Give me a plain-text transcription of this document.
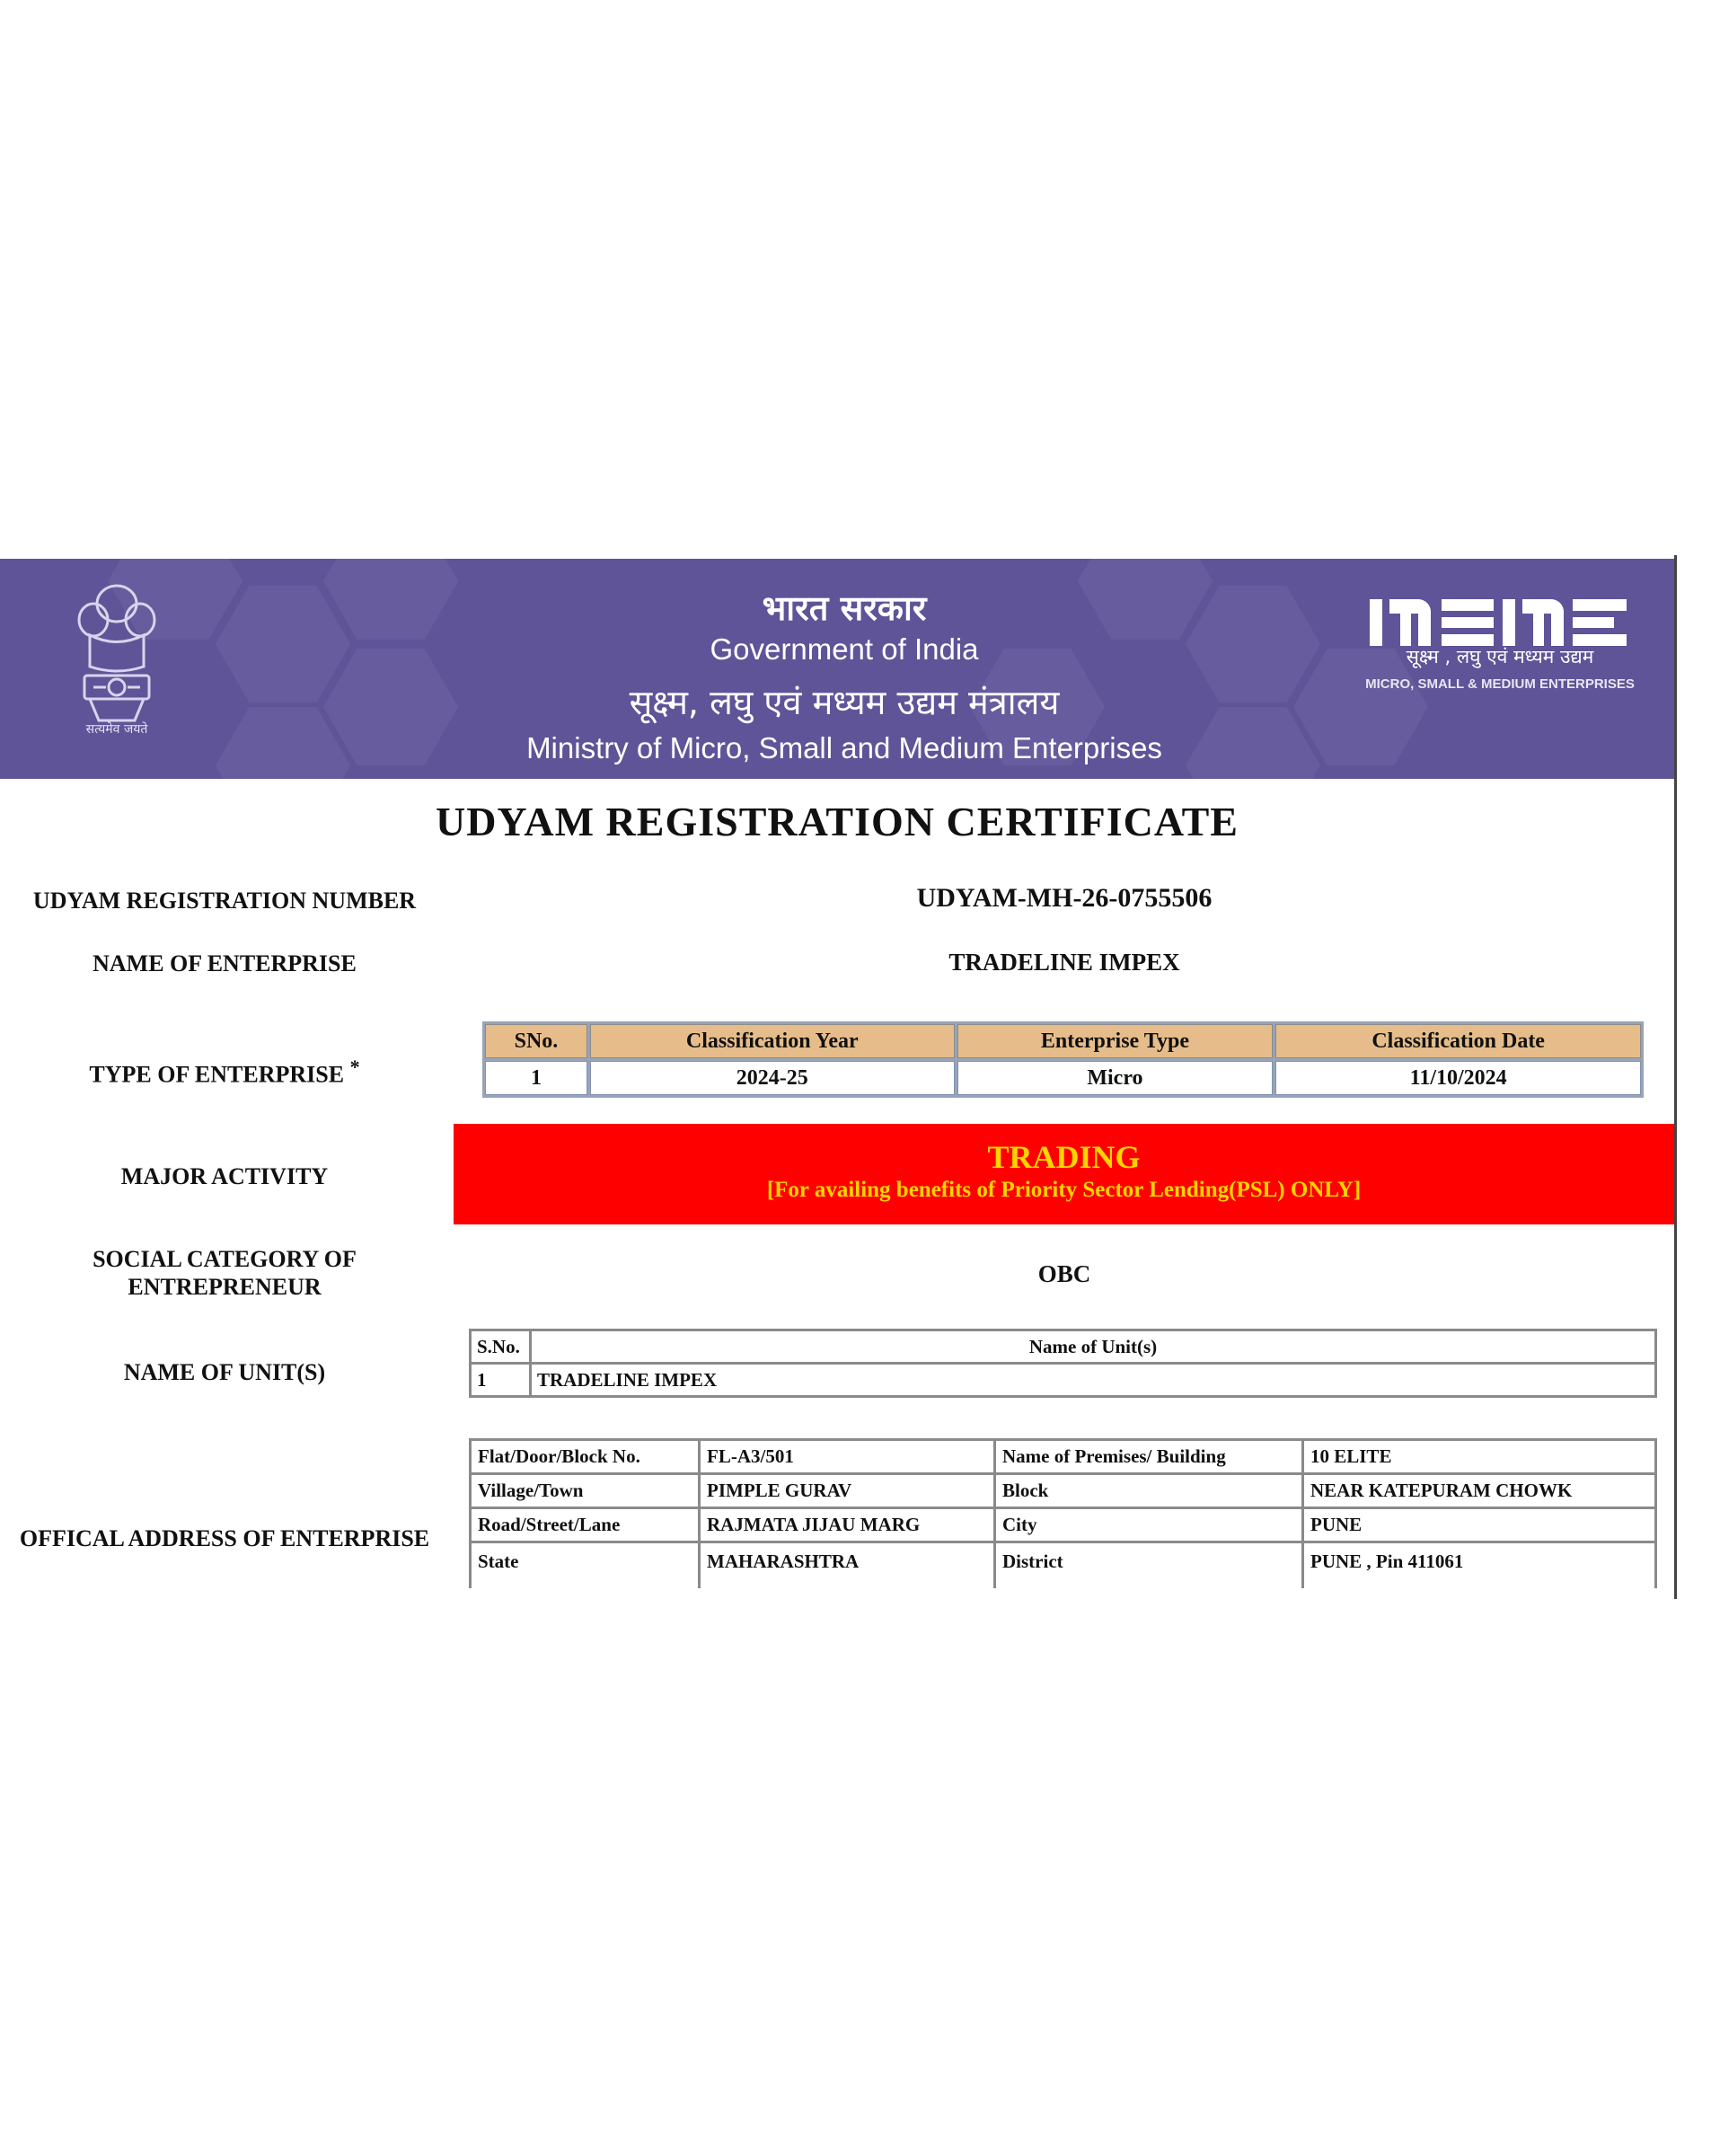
सत्यमेव जयते
भारत सरकार
Government of India
सूक्ष्म, लघु एवं मध्यम उद्यम मंत्रालय
Ministry of Micro, Small and Medium Enterprises
सूक्ष्म , लघु एवं मध्यम उद्यम
MICRO, SMALL & MEDIUM ENTERPRISES
UDYAM REGISTRATION CERTIFICATE
UDYAM REGISTRATION NUMBER	UDYAM-MH-26-0755506
NAME OF ENTERPRISE	TRADELINE IMPEX
TYPE OF ENTERPRISE *
SNo.	Classification Year	Enterprise Type	Classification Date
1	2024-25	Micro	11/10/2024
MAJOR ACTIVITY
TRADING
[For availing benefits of Priority Sector Lending(PSL) ONLY]
SOCIAL CATEGORY OF
ENTREPRENEUR	OBC
NAME OF UNIT(S)
S.No.	Name of Unit(s)
1	TRADELINE IMPEX
OFFICAL ADDRESS OF ENTERPRISE
Flat/Door/Block No.	FL-A3/501	Name of Premises/ Building	10 ELITE
Village/Town	PIMPLE GURAV	Block	NEAR KATEPURAM CHOWK
Road/Street/Lane	RAJMATA JIJAU MARG	City	PUNE
State	MAHARASHTRA	District	PUNE , Pin 411061
